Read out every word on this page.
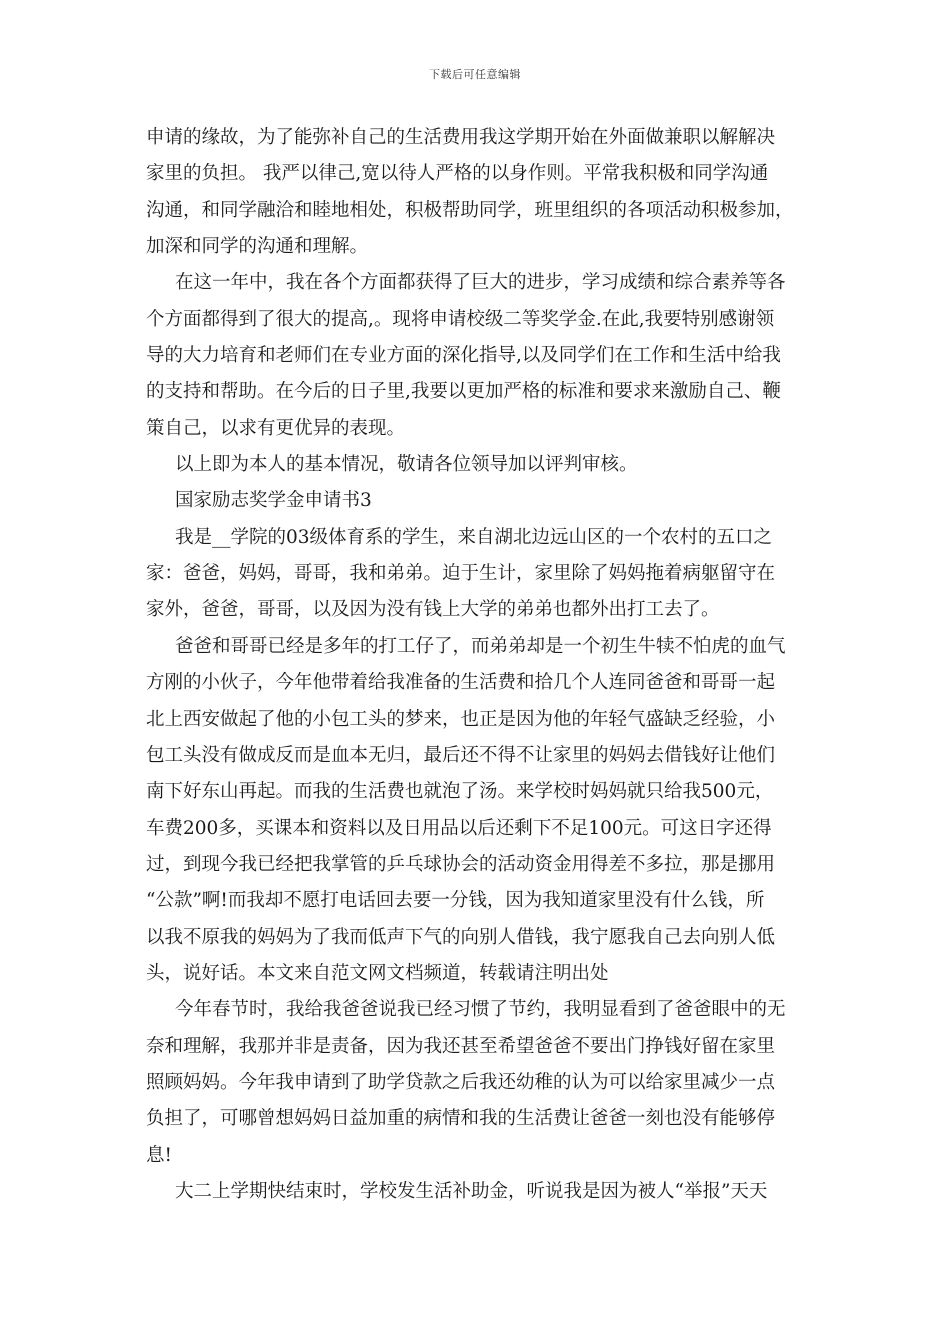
下载后可任意编辑
申请的缘故，为了能弥补自己的生活费用我这学期开始在外面做兼职以解解决
家里的负担。 我严以律己,宽以待人严格的以身作则。平常我积极和同学沟通
沟通，和同学融洽和睦地相处，积极帮助同学，班里组织的各项活动积极参加，
加深和同学的沟通和理解。
在这一年中，我在各个方面都获得了巨大的进步，学习成绩和综合素养等各
个方面都得到了很大的提高,。现将申请校级二等奖学金.在此,我要特别感谢领
导的大力培育和老师们在专业方面的深化指导,以及同学们在工作和生活中给我
的支持和帮助。在今后的日子里,我要以更加严格的标准和要求来激励自己、鞭
策自己，以求有更优异的表现。
以上即为本人的基本情况，敬请各位领导加以评判审核。
国家励志奖学金申请书3
我是__学院的03级体育系的学生，来自湖北边远山区的一个农村的五口之
家：爸爸，妈妈，哥哥，我和弟弟。迫于生计，家里除了妈妈拖着病躯留守在
家外，爸爸，哥哥，以及因为没有钱上大学的弟弟也都外出打工去了。
爸爸和哥哥已经是多年的打工仔了，而弟弟却是一个初生牛犊不怕虎的血气
方刚的小伙子，今年他带着给我准备的生活费和拾几个人连同爸爸和哥哥一起
北上西安做起了他的小包工头的梦来，也正是因为他的年轻气盛缺乏经验，小
包工头没有做成反而是血本无归，最后还不得不让家里的妈妈去借钱好让他们
南下好东山再起。而我的生活费也就泡了汤。来学校时妈妈就只给我500元，
车费200多，买课本和资料以及日用品以后还剩下不足100元。可这日字还得
过，到现今我已经把我掌管的乒乓球协会的活动资金用得差不多拉，那是挪用
“公款”啊!而我却不愿打电话回去要一分钱，因为我知道家里没有什么钱，所
以我不原我的妈妈为了我而低声下气的向别人借钱，我宁愿我自己去向别人低
头，说好话。本文来自范文网文档频道，转载请注明出处
今年春节时，我给我爸爸说我已经习惯了节约，我明显看到了爸爸眼中的无
奈和理解，我那并非是责备，因为我还甚至希望爸爸不要出门挣钱好留在家里
照顾妈妈。今年我申请到了助学贷款之后我还幼稚的认为可以给家里减少一点
负担了，可哪曾想妈妈日益加重的病情和我的生活费让爸爸一刻也没有能够停
息!
大二上学期快结束时，学校发生活补助金，听说我是因为被人“举报”天天
